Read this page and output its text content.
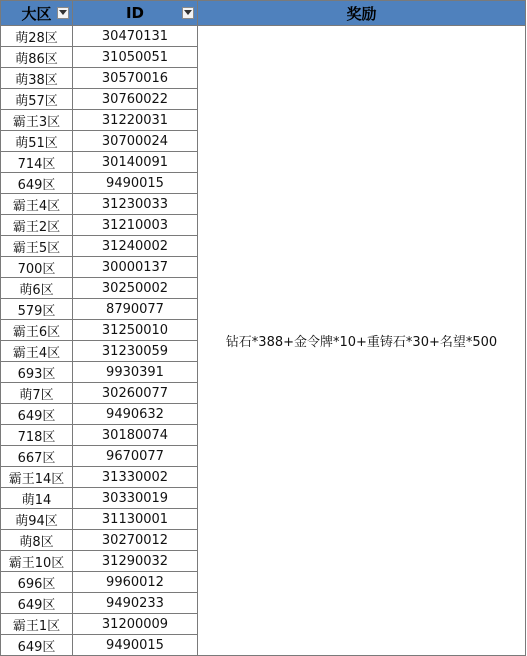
大区	ID	奖励
萌28区	30470131	钻石*388+金令牌*10+重铸石*30+名望*500
萌86区	31050051	
萌38区	30570016	
萌57区	30760022	
霸王3区	31220031	
萌51区	30700024	
714区	30140091	
649区	9490015	
霸王4区	31230033	
霸王2区	31210003	
霸王5区	31240002	
700区	30000137	
萌6区	30250002	
579区	8790077	
霸王6区	31250010	
霸王4区	31230059	
693区	9930391	
萌7区	30260077	
649区	9490632	
718区	30180074	
667区	9670077	
霸王14区	31330002	
萌14	30330019	
萌94区	31130001	
萌8区	30270012	
霸王10区	31290032	
696区	9960012	
649区	9490233	
霸王1区	31200009	
649区	9490015	
